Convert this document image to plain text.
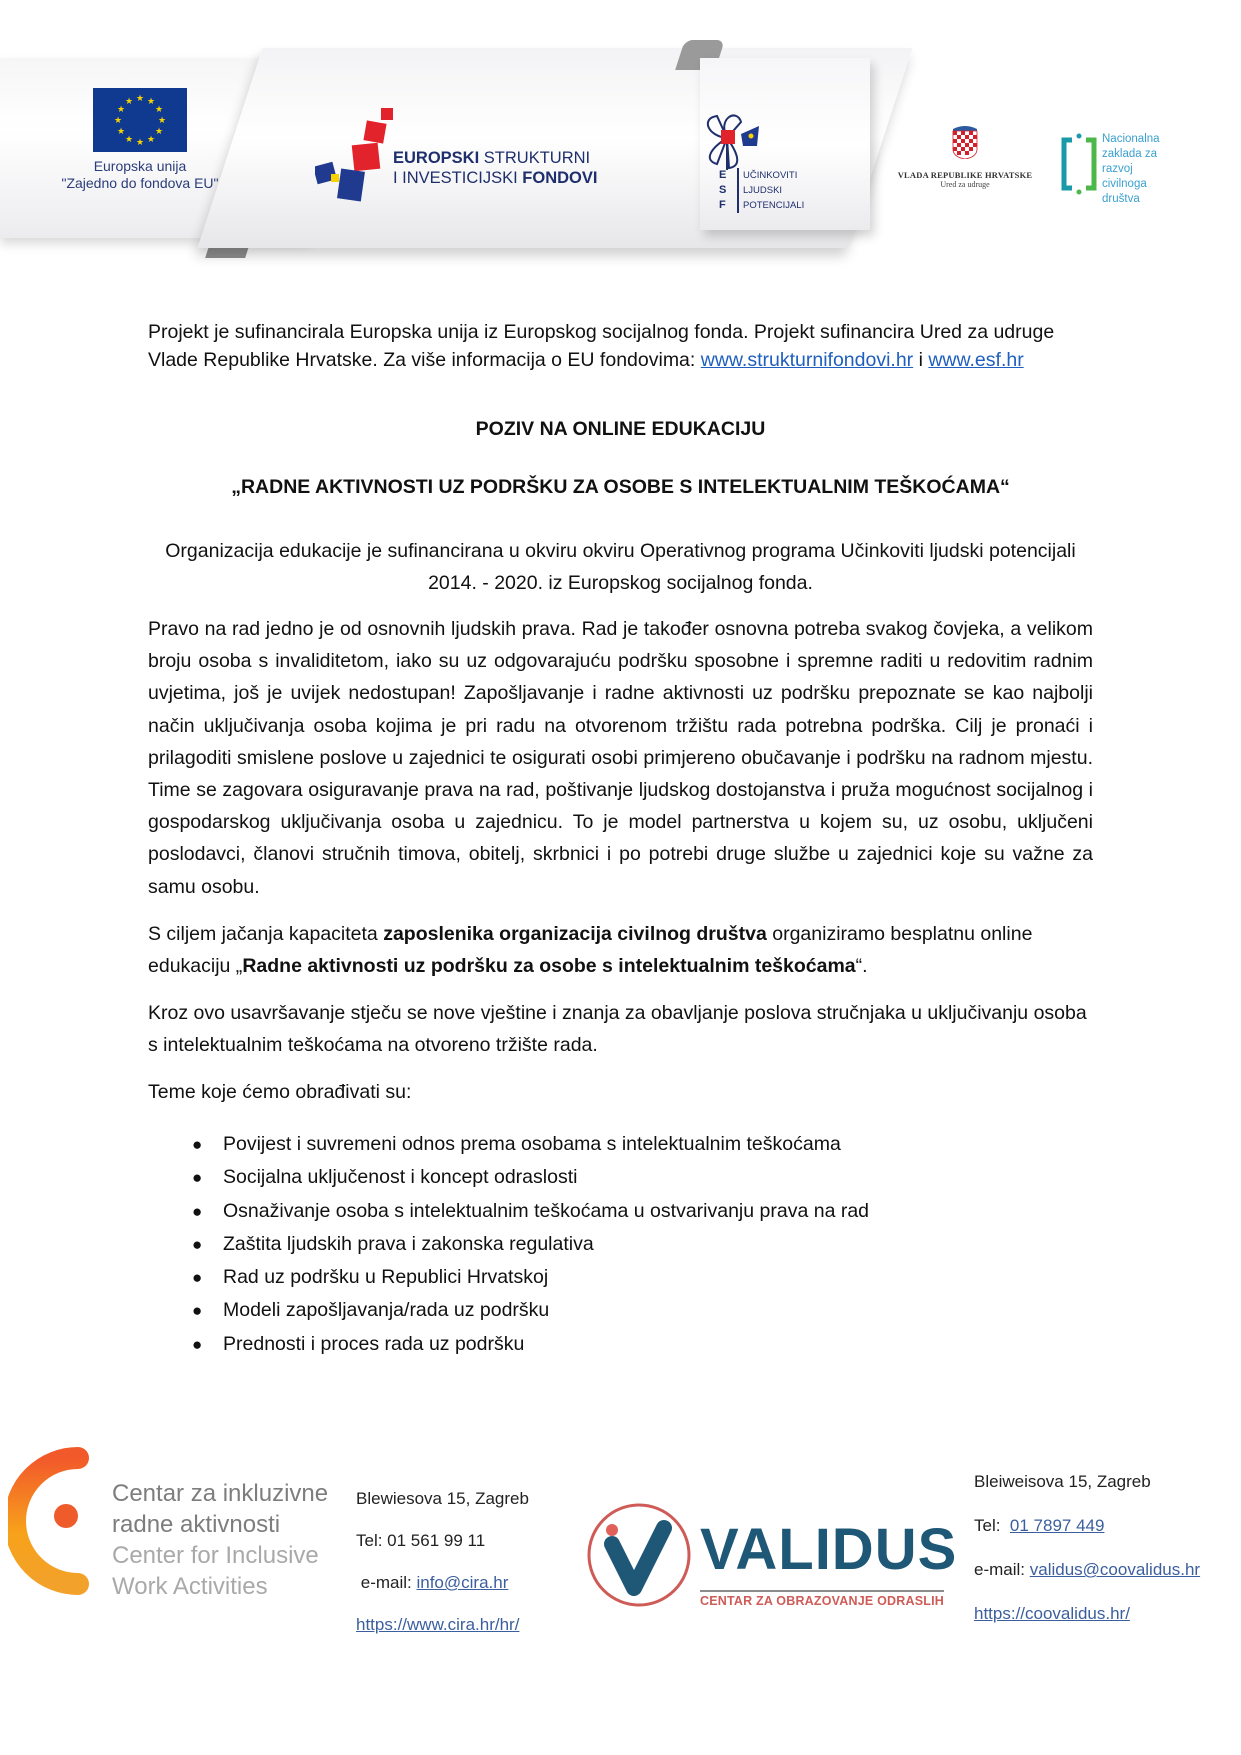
★ ★
★
★
★
★
★
★
★
★
★
★
Europska unija
"Zajedno do fondova EU"
EUROPSKI STRUKTURNI
I INVESTICIJSKI FONDOVI	E
S
F
UČINKOVITI
LJUDSKI
POTENCIJALI
VLADA REPUBLIKE HRVATSKE
Ured za udruge
Nacionalna
zaklada za
razvoj
civilnoga
društva
Projekt je sufinancirala Europska unija iz Europskog socijalnog fonda. Projekt sufinancira Ured za udruge Vlade Republike Hrvatske. Za više informacija o EU fondovima: www.strukturnifondovi.hr i www.esf.hr
POZIV NA ONLINE EDUKACIJU
„RADNE AKTIVNOSTI UZ PODRŠKU ZA OSOBE S INTELEKTUALNIM TEŠKOĆAMA“
Organizacija edukacije je sufinancirana u okviru okviru Operativnog programa Učinkoviti ljudski potencijali 2014. - 2020. iz Europskog socijalnog fonda.
Pravo na rad jedno je od osnovnih ljudskih prava. Rad je također osnovna potreba svakog čovjeka, a velikom broju osoba s invaliditetom, iako su uz odgovarajuću podršku sposobne i spremne raditi u redovitim radnim uvjetima, još je uvijek nedostupan! Zapošljavanje i radne aktivnosti uz podršku prepoznate se kao najbolji način uključivanja osoba kojima je pri radu na otvorenom tržištu rada potrebna podrška. Cilj je pronaći i prilagoditi smislene poslove u zajednici te osigurati osobi primjereno obučavanje i podršku na radnom mjestu. Time se zagovara osiguravanje prava na rad, poštivanje ljudskog dostojanstva i pruža mogućnost socijalnog i gospodarskog uključivanja osoba u zajednicu. To je model partnerstva u kojem su, uz osobu, uključeni poslodavci, članovi stručnih timova, obitelj, skrbnici i po potrebi druge službe u zajednici koje su važne za samu osobu.
S ciljem jačanja kapaciteta zaposlenika organizacija civilnog društva organiziramo besplatnu online edukaciju „Radne aktivnosti uz podršku za osobe s intelektualnim teškoćama“.
Kroz ovo usavršavanje stječu se nove vještine i znanja za obavljanje poslova stručnjaka u uključivanju osoba s intelektualnim teškoćama na otvoreno tržište rada.
Teme koje ćemo obrađivati su:
● Povijest i suvremeni odnos prema osobama s intelektualnim teškoćama
● Socijalna uključenost i koncept odraslosti
● Osnaživanje osoba s intelektualnim teškoćama u ostvarivanju prava na rad
● Zaštita ljudskih prava i zakonska regulativa
● Rad uz podršku u Republici Hrvatskoj
● Modeli zapošljavanja/rada uz podršku
● Prednosti i proces rada uz podršku
Centar za inkluzivne
radne aktivnosti
Center for Inclusive
Work Activities
Blewiesova 15, Zagreb
Tel: 01 561 99 11
e-mail: info@cira.hr
https://www.cira.hr/hr/
VALIDUS
CENTAR ZA OBRAZOVANJE ODRASLIH
Bleiweisova 15, Zagreb
Tel:  01 7897 449
e-mail: validus@coovalidus.hr
https://coovalidus.hr/
